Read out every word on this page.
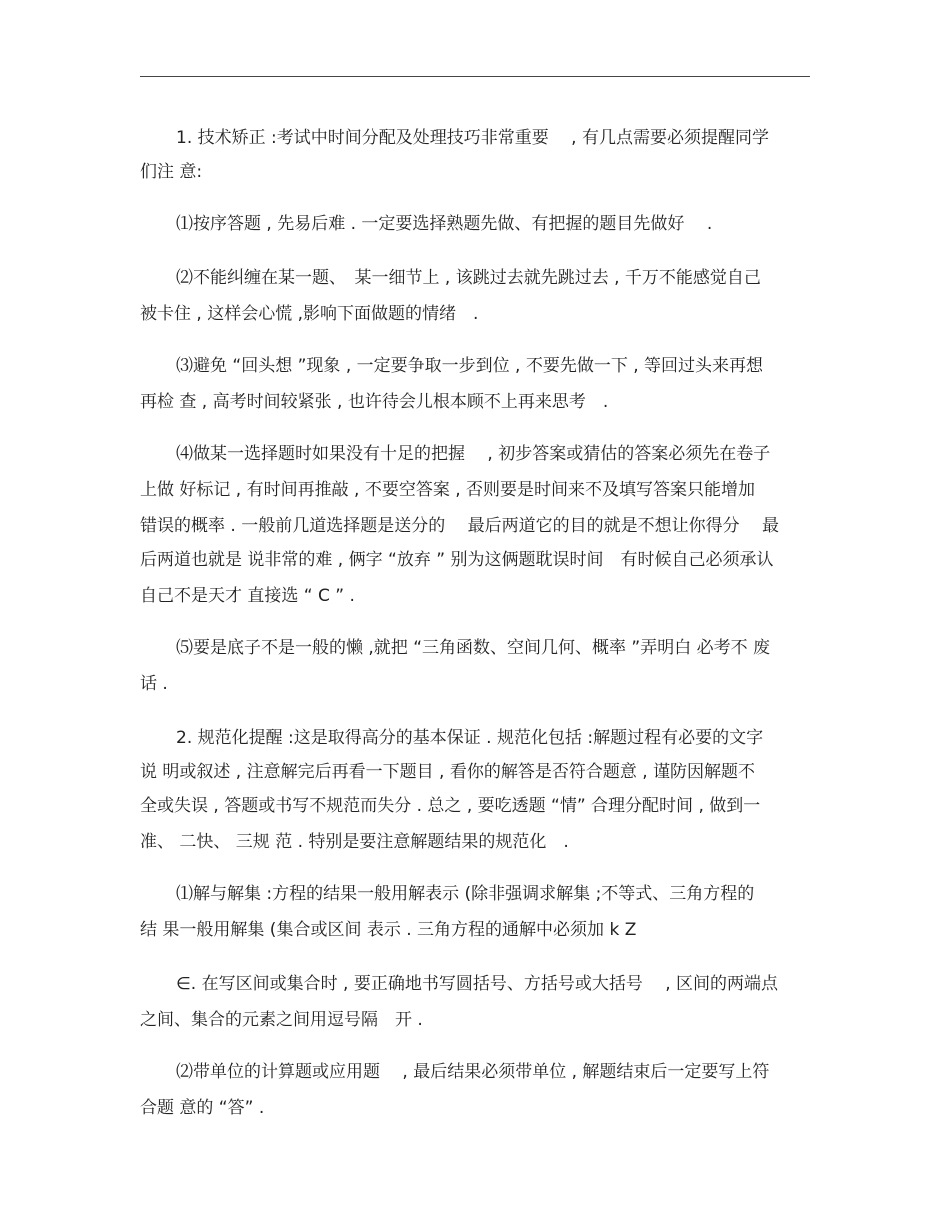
1. 技术矫正 :考试中时间分配及处理技巧非常重要　 , 有几点需要必须提醒同学
们注 意:
⑴按序答题 , 先易后难 . 一定要选择熟题先做、有把握的题目先做好　 .
⑵不能纠缠在某一题、　某一细节上 , 该跳过去就先跳过去 , 千万不能感觉自己
被卡住 , 这样会心慌 ,影响下面做题的情绪　.
⑶避免 “回头想 ”现象 , 一定要争取一步到位 , 不要先做一下 , 等回过头来再想
再检 查 , 高考时间较紧张 , 也许待会儿根本顾不上再来思考　.
⑷做某一选择题时如果没有十足的把握　 , 初步答案或猜估的答案必须先在卷子
上做 好标记 , 有时间再推敲 , 不要空答案 , 否则要是时间来不及填写答案只能增加
错误的概率 . 一般前几道选择题是送分的　 最后两道它的目的就是不想让你得分　 最
后两道也就是 说非常的难 , 俩字 “放弃 ” 别为这俩题耽误时间　有时候自己必须承认
自己不是天才 直接选 “ C ” .
⑸要是底子不是一般的懒 ,就把 “三角函数、空间几何、概率 ”弄明白 必考不 废
话 .
2. 规范化提醒 :这是取得高分的基本保证 . 规范化包括 :解题过程有必要的文字
说 明或叙述 , 注意解完后再看一下题目 , 看你的解答是否符合题意 , 谨防因解题不
全或失误 , 答题或书写不规范而失分 . 总之 , 要吃透题 “情” 合理分配时间 , 做到一
准、 二快、 三规 范 . 特别是要注意解题结果的规范化　.
⑴解与解集 :方程的结果一般用解表示 (除非强调求解集 ;不等式、三角方程的
结 果一般用解集 (集合或区间 表示 . 三角方程的通解中必须加 k Z
∈. 在写区间或集合时 , 要正确地书写圆括号、方括号或大括号　 , 区间的两端点
之间、集合的元素之间用逗号隔　开 .
⑵带单位的计算题或应用题　 , 最后结果必须带单位 , 解题结束后一定要写上符
合题 意的 “答” .
